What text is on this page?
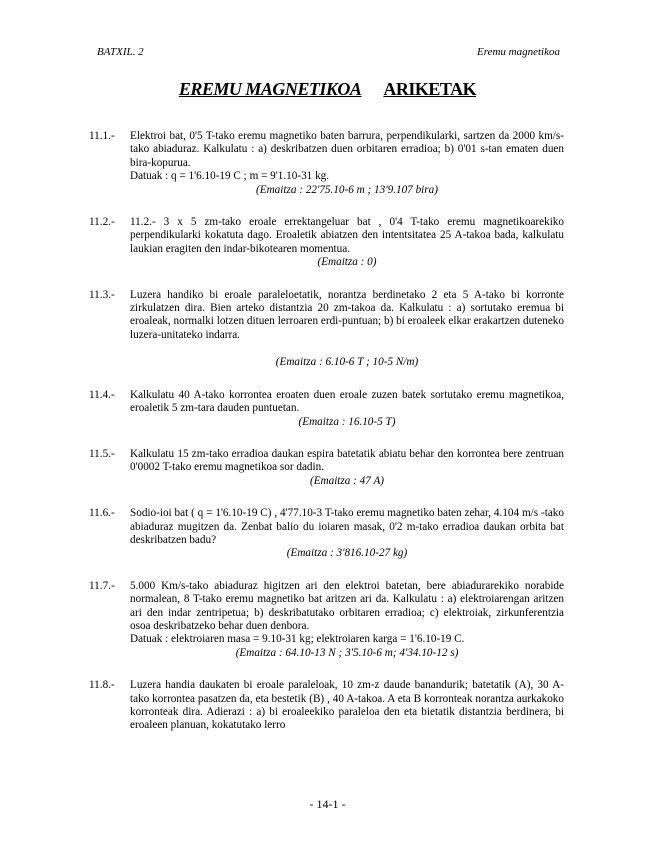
BATXIL. 2	Eremu magnetikoa
EREMU MAGNETIKOA ARIKETAK
11.1.- Elektroi bat, 0'5 T-tako eremu magnetiko baten barrura, perpendikularki, sartzen da 2000 km/s-tako abiaduraz. Kalkulatu : a) deskribatzen duen orbitaren erradioa; b) 0'01 s-tan ematen duen bira-kopurua.
Datuak : q = 1'6.10-19 C ; m = 9'1.10-31 kg.
(Emaitza : 22'75.10-6 m ; 13'9.107 bira)
11.2.- 11.2.- 3 x 5 zm-tako eroale errektangeluar bat , 0'4 T-tako eremu magnetikoarekiko perpendikularki kokatuta dago. Eroaletik abiatzen den intentsitatea 25 A-takoa bada, kalkulatu laukian eragiten den indar-bikotearen momentua.
(Emaitza : 0)
11.3.- Luzera handiko bi eroale paraleloetatik, norantza berdinetako 2 eta 5 A-tako bi korronte zirkulatzen dira. Bien arteko distantzia 20 zm-takoa da. Kalkulatu : a) sortutako eremua bi eroaleak, normalki lotzen dituen lerroaren erdi-puntuan; b) bi eroaleek elkar erakartzen duteneko luzera-unitateko indarra.
(Emaitza : 6.10-6 T ; 10-5 N/m)
11.4.- Kalkulatu 40 A-tako korrontea eroaten duen eroale zuzen batek sortutako eremu magnetikoa, eroaletik 5 zm-tara dauden puntuetan.
(Emaitza : 16.10-5 T)
11.5.- Kalkulatu 15 zm-tako erradioa daukan espira batetatik abiatu behar den korrontea bere zentruan 0'0002 T-tako eremu magnetikoa sor dadin.
(Emaitza : 47 A)
11.6.- Sodio-ioi bat ( q = 1'6.10-19 C) , 4'77.10-3 T-tako eremu magnetiko baten zehar, 4.104 m/s -tako abiaduraz mugitzen da. Zenbat balio du ioiaren masak, 0'2 m-tako erradioa daukan orbita bat deskribatzen badu?
(Emaitza : 3'816.10-27 kg)
11.7.- 5.000 Km/s-tako abiaduraz higitzen ari den elektroi batetan, bere abiadurarekiko norabide normalean, 8 T-tako eremu magnetiko bat aritzen ari da. Kalkulatu : a) elektroiarengan aritzen ari den indar zentripetua; b) deskribatutako orbitaren erradioa; c) elektroiak, zirkunferentzia osoa deskribatzeko behar duen denbora.
Datuak : elektroiaren masa = 9.10-31 kg; elektroiaren karga = 1'6.10-19 C.
(Emaitza : 64.10-13 N ; 3'5.10-6 m; 4'34.10-12 s)
11.8.- Luzera handia daukaten bi eroale paraleloak, 10 zm-z daude banandurik; batetatik (A), 30 A-tako korrontea pasatzen da, eta bestetik (B) , 40 A-takoa. A eta B korronteak norantza aurkakoko korronteak dira. Adierazi : a) bi eroaleekiko paraleloa den eta bietatik distantzia berdinera, bi eroaleen planuan, kokatutako lerro
- 14-1 -
